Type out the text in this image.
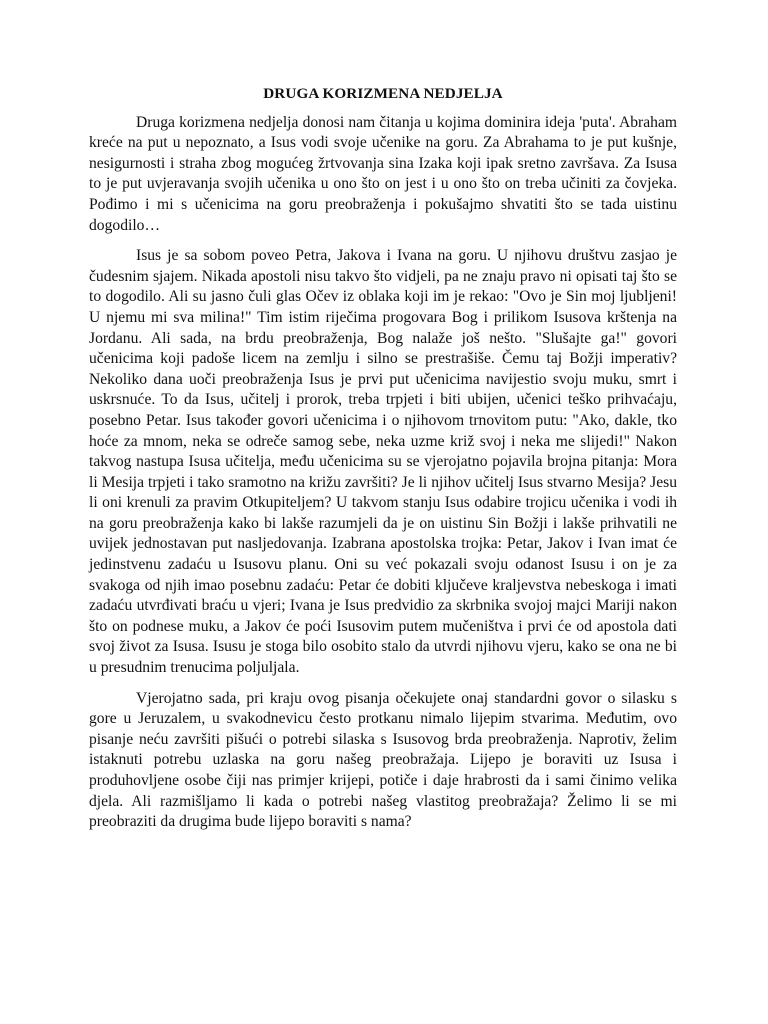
DRUGA KORIZMENA NEDJELJA

Druga korizmena nedjelja donosi nam čitanja u kojima dominira ideja 'puta'. Abraham kreće na put u nepoznato, a Isus vodi svoje učenike na goru. Za Abrahama to je put kušnje, nesigurnosti i straha zbog mogućeg žrtvovanja sina Izaka koji ipak sretno završava. Za Isusa to je put uvjeravanja svojih učenika u ono što on jest i u ono što on treba učiniti za čovjeka. Pođimo i mi s učenicima na goru preobraženja i pokušajmo shvatiti što se tada uistinu dogodilo…

Isus je sa sobom poveo Petra, Jakova i Ivana na goru. U njihovu društvu zasjao je čudesnim sjajem. Nikada apostoli nisu takvo što vidjeli, pa ne znaju pravo ni opisati taj što se to dogodilo. Ali su jasno čuli glas Očev iz oblaka koji im je rekao: "Ovo je Sin moj ljubljeni! U njemu mi sva milina!" Tim istim riječima progovara Bog i prilikom Isusova krštenja na Jordanu. Ali sada, na brdu preobraženja, Bog nalaže još nešto. "Slušajte ga!" govori učenicima koji padoše licem na zemlju i silno se prestrašiše. Čemu taj Božji imperativ? Nekoliko dana uoči preobraženja Isus je prvi put učenicima navijestio svoju muku, smrt i uskrsnuće. To da Isus, učitelj i prorok, treba trpjeti i biti ubijen, učenici teško prihvaćaju, posebno Petar. Isus također govori učenicima i o njihovom trnovitom putu: "Ako, dakle, tko hoće za mnom, neka se odreče samog sebe, neka uzme križ svoj i neka me slijedi!" Nakon takvog nastupa Isusa učitelja, među učenicima su se vjerojatno pojavila brojna pitanja: Mora li Mesija trpjeti i tako sramotno na križu završiti? Je li njihov učitelj Isus stvarno Mesija? Jesu li oni krenuli za pravim Otkupiteljem? U takvom stanju Isus odabire trojicu učenika i vodi ih na goru preobraženja kako bi lakše razumjeli da je on uistinu Sin Božji i lakše prihvatili ne uvijek jednostavan put nasljedovanja. Izabrana apostolska trojka: Petar, Jakov i Ivan imat će jedinstvenu zadaću u Isusovu planu. Oni su već pokazali svoju odanost Isusu i on je za svakoga od njih imao posebnu zadaću: Petar će dobiti ključeve kraljevstva nebeskoga i imati zadaću utvrđivati braću u vjeri; Ivana je Isus predvidio za skrbnika svojoj majci Mariji nakon što on podnese muku, a Jakov će poći Isusovim putem mučeništva i prvi će od apostola dati svoj život za Isusa. Isusu je stoga bilo osobito stalo da utvrdi njihovu vjeru, kako se ona ne bi u presudnim trenucima poljuljala.

Vjerojatno sada, pri kraju ovog pisanja očekujete onaj standardni govor o silasku s gore u Jeruzalem, u svakodnevicu često protkanu nimalo lijepim stvarima. Međutim, ovo pisanje neću završiti pišući o potrebi silaska s Isusovog brda preobraženja. Naprotiv, želim istaknuti potrebu uzlaska na goru našeg preobražaja. Lijepo je boraviti uz Isusa i produhovljene osobe čiji nas primjer krijepi, potiče i daje hrabrosti da i sami činimo velika djela. Ali razmišljamo li kada o potrebi našeg vlastitog preobražaja? Želimo li se mi preobraziti da drugima bude lijepo boraviti s nama?
